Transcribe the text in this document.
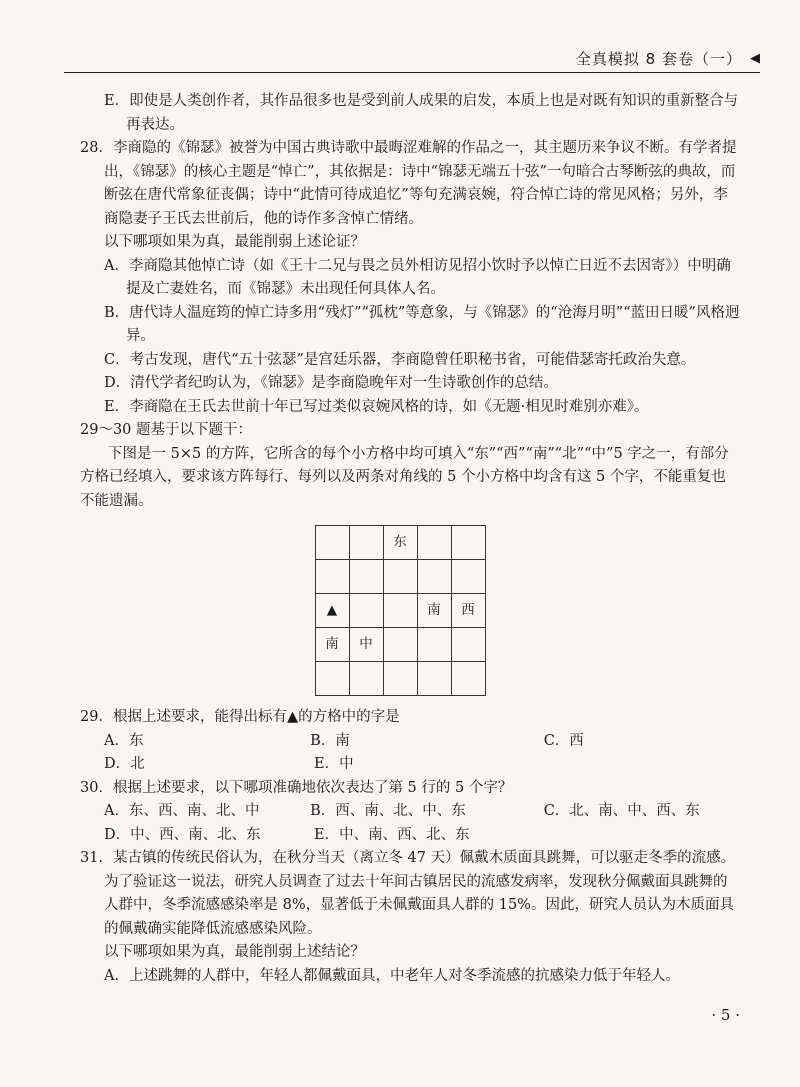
全真模拟 8 套卷（一） ◀

E．即使是人类创作者，其作品很多也是受到前人成果的启发，本质上也是对既有知识的重新整合与再表达。

28．李商隐的《锦瑟》被誉为中国古典诗歌中最晦涩难解的作品之一，其主题历来争议不断。有学者提出，《锦瑟》的核心主题是“悼亡”，其依据是：诗中“锦瑟无端五十弦”一句暗合古琴断弦的典故，而断弦在唐代常象征丧偶；诗中“此情可待成追忆”等句充满哀婉，符合悼亡诗的常见风格；另外，李商隐妻子王氏去世前后，他的诗作多含悼亡情绪。

以下哪项如果为真，最能削弱上述论证？

A．李商隐其他悼亡诗（如《王十二兄与畏之员外相访见招小饮时予以悼亡日近不去因寄》）中明确提及亡妻姓名，而《锦瑟》未出现任何具体人名。

B．唐代诗人温庭筠的悼亡诗多用“残灯”“孤枕”等意象，与《锦瑟》的“沧海月明”“蓝田日暖”风格迥异。

C．考古发现，唐代“五十弦瑟”是宫廷乐器，李商隐曾任职秘书省，可能借瑟寄托政治失意。

D．清代学者纪昀认为，《锦瑟》是李商隐晚年对一生诗歌创作的总结。

E．李商隐在王氏去世前十年已写过类似哀婉风格的诗，如《无题·相见时难别亦难》。

29～30 题基于以下题干：

下图是一 5×5 的方阵，它所含的每个小方格中均可填入“东”“西”“南”“北”“中”5 字之一，有部分方格已经填入，要求该方阵每行、每列以及两条对角线的 5 个小方格中均含有这 5 个字，不能重复也不能遗漏。

		东		

▲			南	西
南	中			

29．根据上述要求，能得出标有▲的方格中的字是

A．东	B．南	C．西
D．北	E．中

30．根据上述要求，以下哪项准确地依次表达了第 5 行的 5 个字？

A．东、西、南、北、中	B．西、南、北、中、东	C．北、南、中、西、东
D．中、西、南、北、东	E．中、南、西、北、东

31．某古镇的传统民俗认为，在秋分当天（离立冬 47 天）佩戴木质面具跳舞，可以驱走冬季的流感。为了验证这一说法，研究人员调查了过去十年间古镇居民的流感发病率，发现秋分佩戴面具跳舞的人群中，冬季流感感染率是 8%，显著低于未佩戴面具人群的 15%。因此，研究人员认为木质面具的佩戴确实能降低流感感染风险。

以下哪项如果为真，最能削弱上述结论？

A．上述跳舞的人群中，年轻人都佩戴面具，中老年人对冬季流感的抗感染力低于年轻人。

· 5 ·
